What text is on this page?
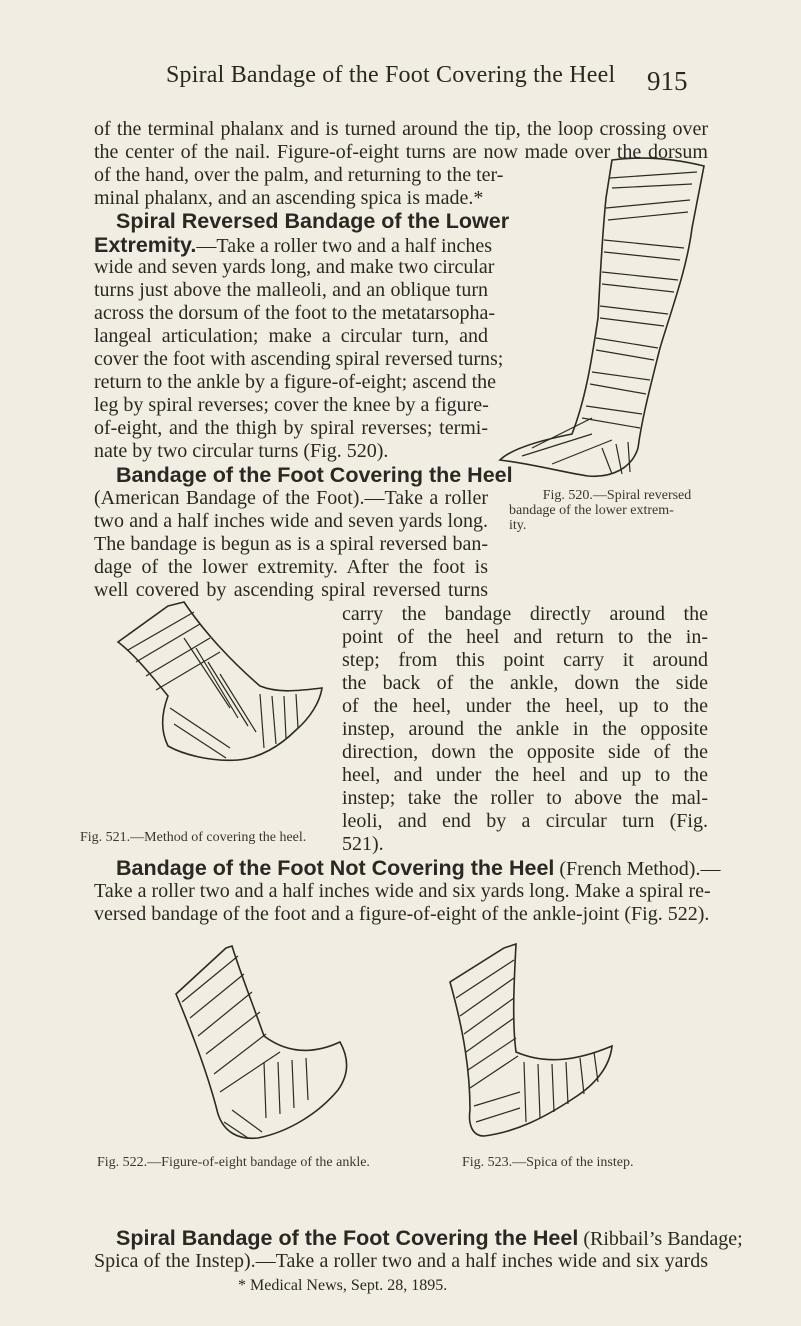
Spiral Bandage of the Foot Covering the Heel 915
of the terminal phalanx and is turned around the tip, the loop crossing over
the center of the nail. Figure-of-eight turns are now made over the dorsum
of the hand, over the palm, and returning to the ter-
minal phalanx, and an ascending spica is made.*
Spiral Reversed Bandage of the Lower
Extremity.—Take a roller two and a half inches
wide and seven yards long, and make two circular
turns just above the malleoli, and an oblique turn
across the dorsum of the foot to the metatarsopha-
langeal articulation; make a circular turn, and
cover the foot with ascending spiral reversed turns;
return to the ankle by a figure-of-eight; ascend the
leg by spiral reverses; cover the knee by a figure-
of-eight, and the thigh by spiral reverses; termi-
nate by two circular turns (Fig. 520).
Bandage of the Foot Covering the Heel
(American Bandage of the Foot).—Take a roller
two and a half inches wide and seven yards long.
The bandage is begun as is a spiral reversed ban-
dage of the lower extremity. After the foot is
well covered by ascending spiral reversed turns
carry the bandage directly around the
point of the heel and return to the in-
step; from this point carry it around
the back of the ankle, down the side
of the heel, under the heel, up to the
instep, around the ankle in the opposite
direction, down the opposite side of the
heel, and under the heel and up to the
instep; take the roller to above the mal-
leoli, and end by a circular turn (Fig.
521).
Bandage of the Foot Not Covering the Heel (French Method).—
Take a roller two and a half inches wide and six yards long. Make a spiral re-
versed bandage of the foot and a figure-of-eight of the ankle-joint (Fig. 522).
Spiral Bandage of the Foot Covering the Heel (Ribbail’s Bandage;
Spica of the Instep).—Take a roller two and a half inches wide and six yards
* Medical News, Sept. 28, 1895.
Fig. 520.—Spiral reversed
bandage of the lower extrem-
ity.
Fig. 521.—Method of covering the heel.
Fig. 522.—Figure-of-eight bandage of the ankle.	Fig. 523.—Spica of the instep.
